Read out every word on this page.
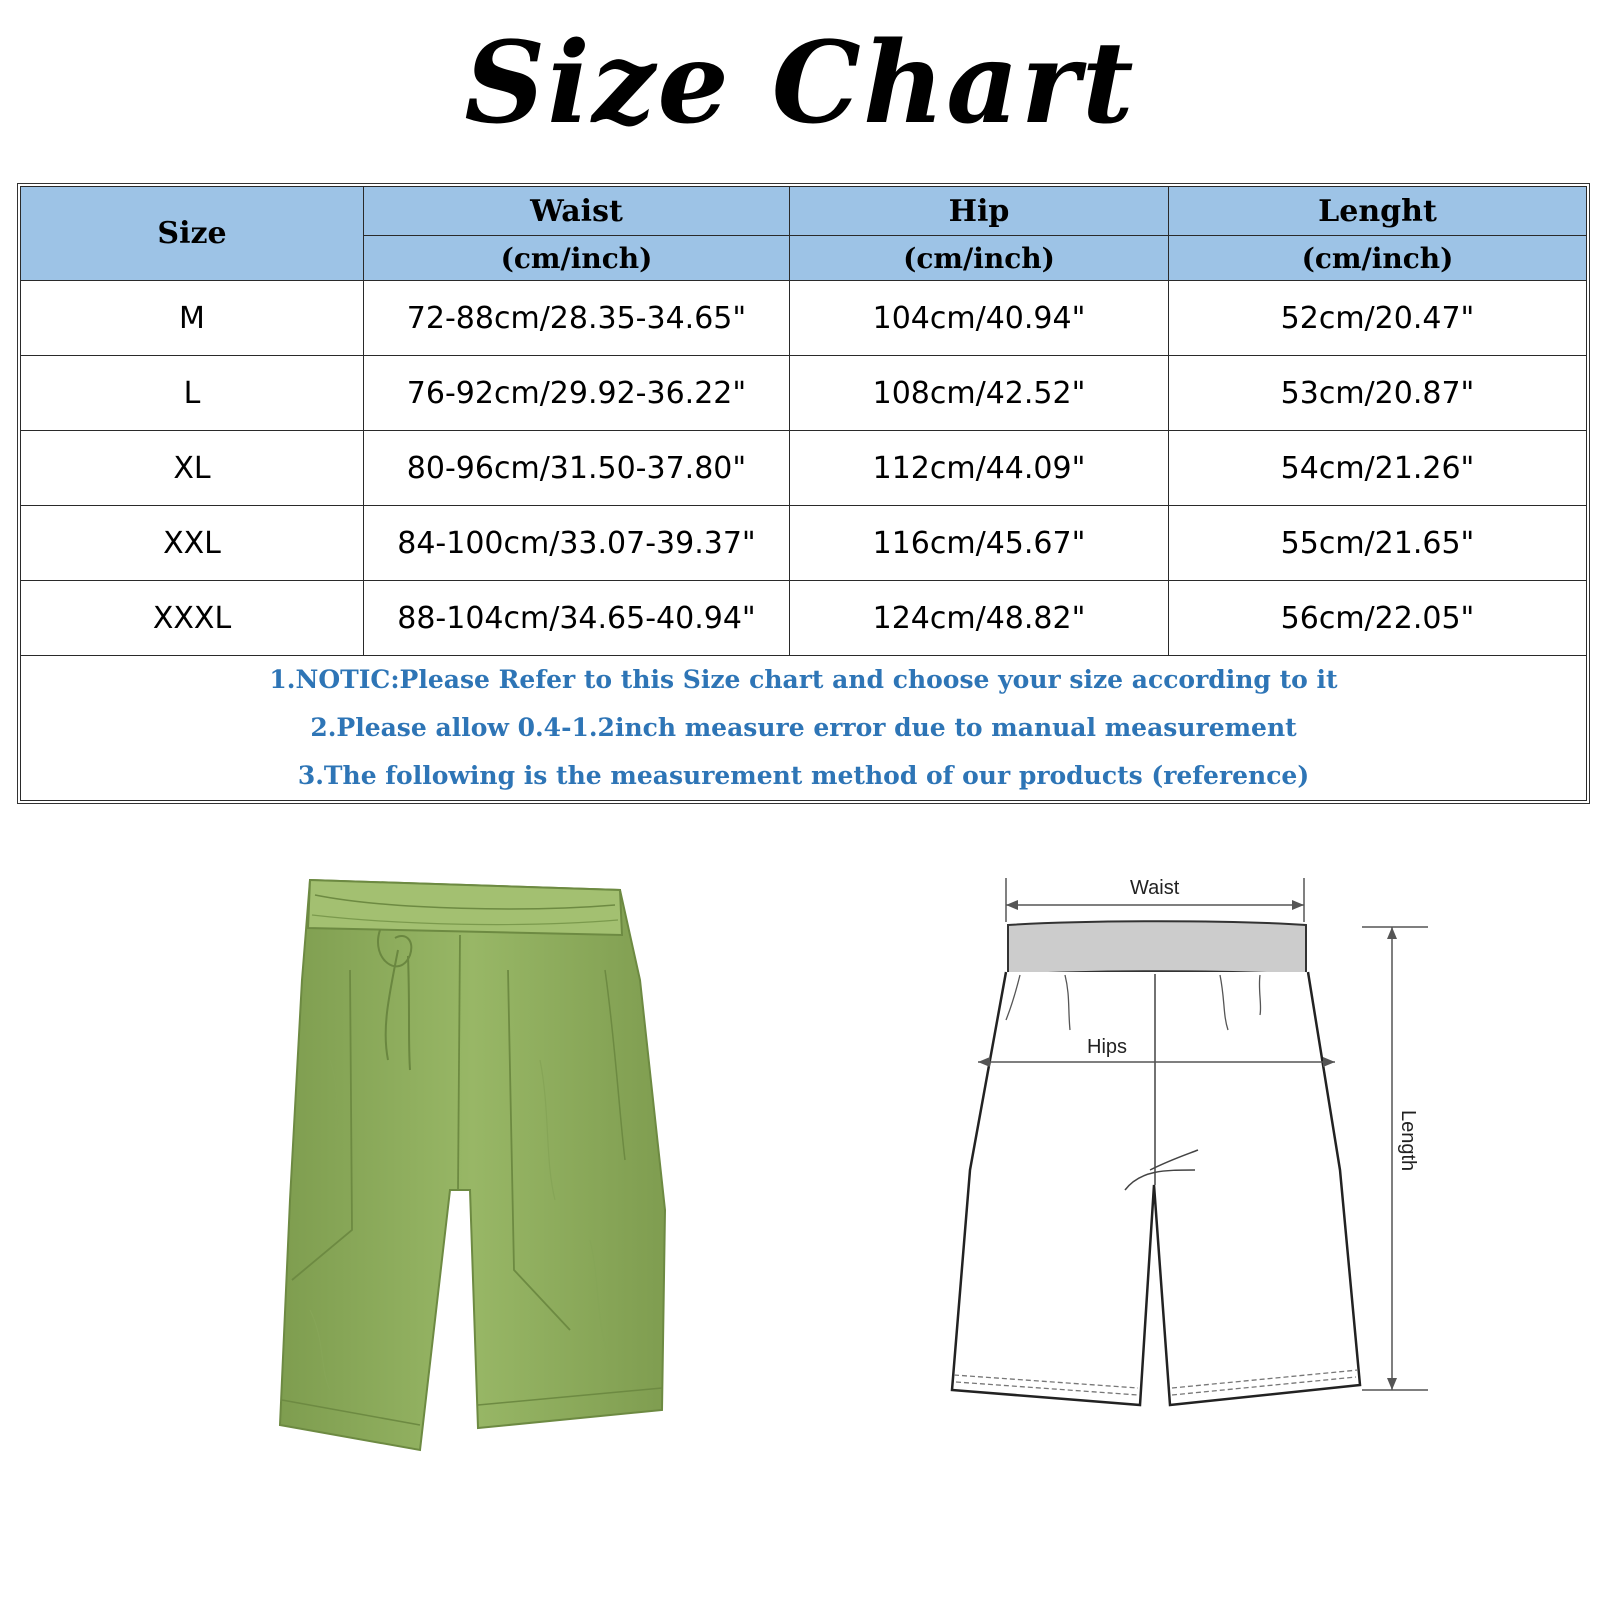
Size Chart
Size	Waist	Hip	Lenght
	(cm/inch)	(cm/inch)	(cm/inch)
M	72-88cm/28.35-34.65"	104cm/40.94"	52cm/20.47"
L	76-92cm/29.92-36.22"	108cm/42.52"	53cm/20.87"
XL	80-96cm/31.50-37.80"	112cm/44.09"	54cm/21.26"
XXL	84-100cm/33.07-39.37"	116cm/45.67"	55cm/21.65"
XXXL	88-104cm/34.65-40.94"	124cm/48.82"	56cm/22.05"

1.NOTIC:Please Refer to this Size chart and choose your size according to it
2.Please allow 0.4-1.2inch measure error due to manual measurement
3.The following is the measurement method of our products (reference)			
Waist
Hips
Length
